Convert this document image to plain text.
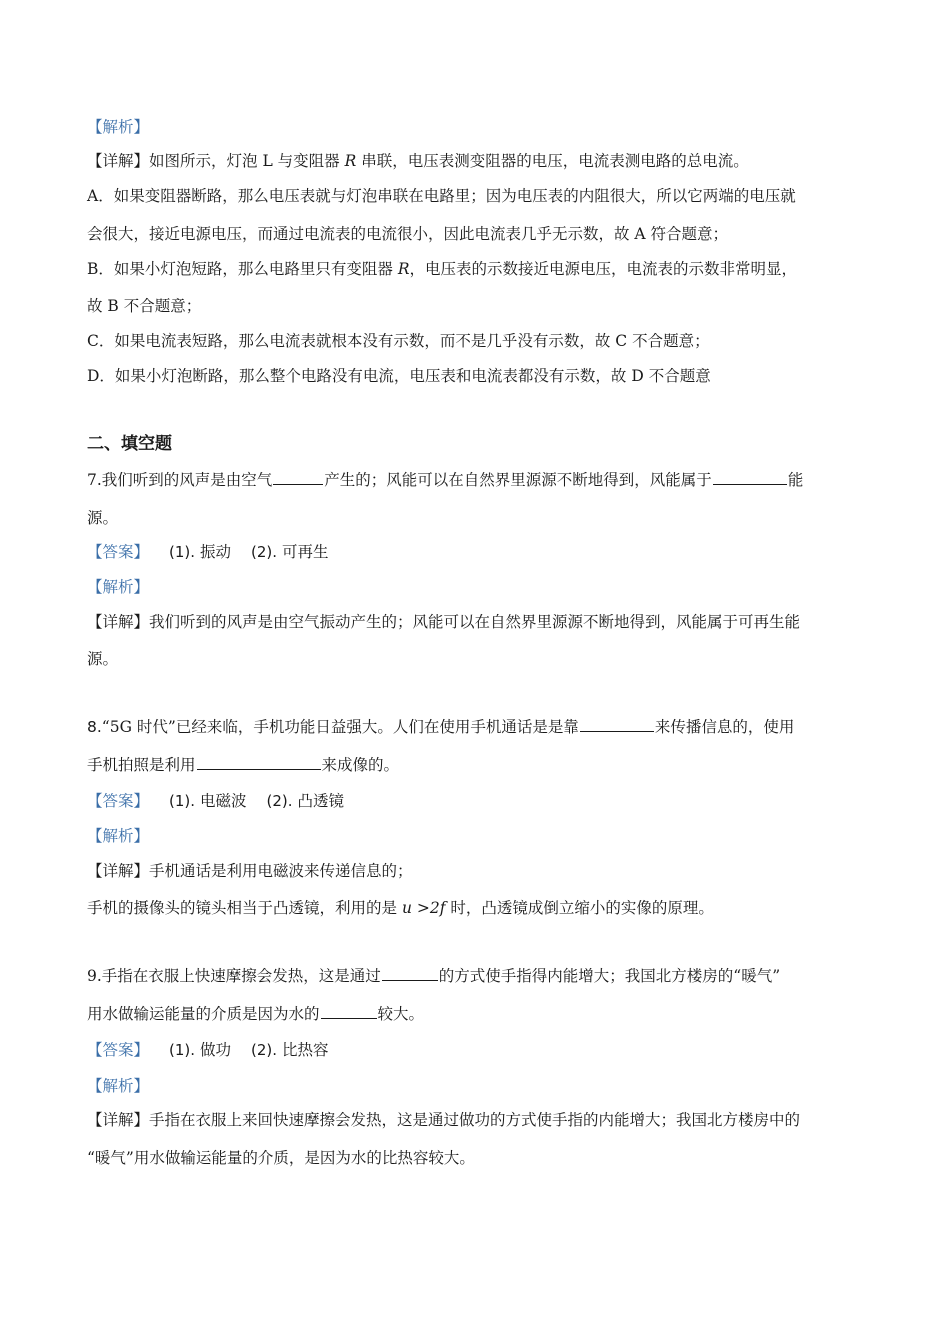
【解析】
【详解】如图所示，灯泡 L 与变阻器 R 串联，电压表测变阻器的电压，电流表测电路的总电流。
A．如果变阻器断路，那么电压表就与灯泡串联在电路里；因为电压表的内阻很大，所以它两端的电压就
会很大，接近电源电压，而通过电流表的电流很小，因此电流表几乎无示数，故 A 符合题意；
B．如果小灯泡短路，那么电路里只有变阻器 R，电压表的示数接近电源电压，电流表的示数非常明显，
故 B 不合题意；
C．如果电流表短路，那么电流表就根本没有示数，而不是几乎没有示数，故 C 不合题意；
D．如果小灯泡断路，那么整个电路没有电流，电压表和电流表都没有示数，故 D 不合题意
二、填空题
7.我们听到的风声是由空气	产生的；风能可以在自然界里源源不断地得到，风能属于	能
源。
【答案】 (1). 振动 (2). 可再生
【解析】
【详解】我们听到的风声是由空气振动产生的；风能可以在自然界里源源不断地得到，风能属于可再生能
源。
8.“5G 时代”已经来临，手机功能日益强大。人们在使用手机通话是是靠	来传播信息的，使用
手机拍照是利用	来成像的。
【答案】 (1). 电磁波 (2). 凸透镜
【解析】
【详解】手机通话是利用电磁波来传递信息的；
手机的摄像头的镜头相当于凸透镜，利用的是 u >2f 时，凸透镜成倒立缩小的实像的原理。
9.手指在衣服上快速摩擦会发热，这是通过	的方式使手指得内能增大；我国北方楼房的“暖气”
用水做输运能量的介质是因为水的	较大。
【答案】 (1). 做功 (2). 比热容
【解析】
【详解】手指在衣服上来回快速摩擦会发热，这是通过做功的方式使手指的内能增大；我国北方楼房中的
“暖气”用水做输运能量的介质，是因为水的比热容较大。
